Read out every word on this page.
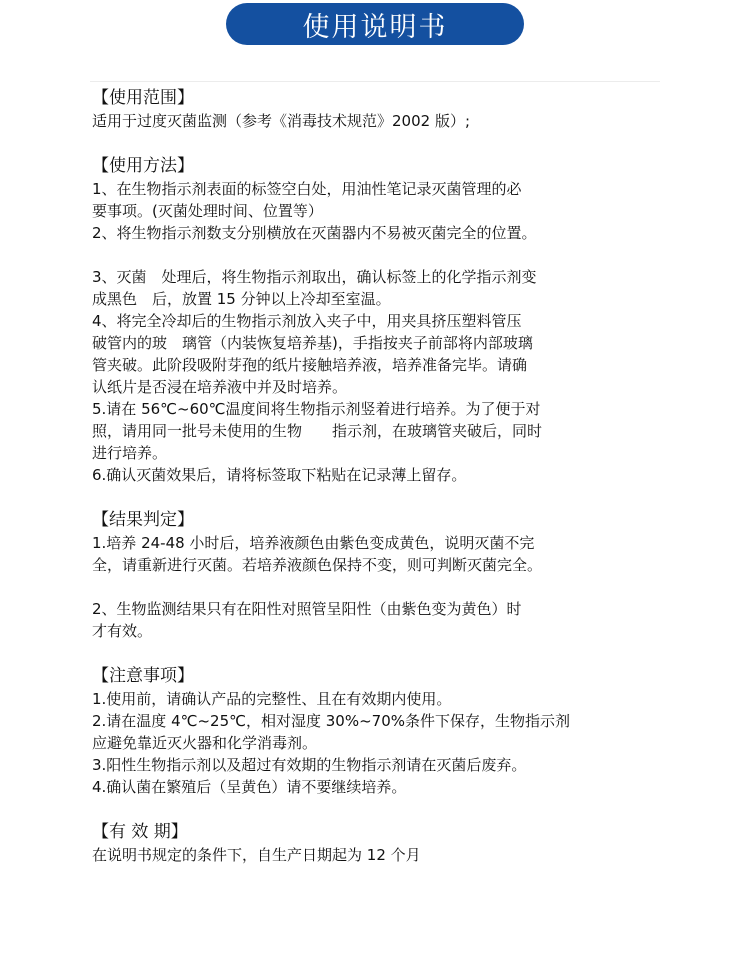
使用说明书
【使用范围】
适用于过度灭菌监测（参考《消毒技术规范》2002 版）;
【使用方法】
1、在生物指示剂表面的标签空白处，用油性笔记录灭菌管理的必
要事项。(灭菌处理时间、位置等）
2、将生物指示剂数支分别横放在灭菌器内不易被灭菌完全的位置。
3、灭菌　处理后，将生物指示剂取出，确认标签上的化学指示剂变
成黑色　后，放置 15 分钟以上冷却至室温。
4、将完全冷却后的生物指示剂放入夹子中，用夹具挤压塑料管压
破管内的玻　璃管（内装恢复培养基)，手指按夹子前部将内部玻璃
管夹破。此阶段吸附芽孢的纸片接触培养液，培养准备完毕。请确
认纸片是否浸在培养液中并及时培养。
5.请在 56℃~60℃温度间将生物指示剂竖着进行培养。为了便于对
照，请用同一批号未使用的生物　　指示剂，在玻璃管夹破后，同时
进行培养。
6.确认灭菌效果后，请将标签取下粘贴在记录薄上留存。
【结果判定】
1.培养 24-48 小时后，培养液颜色由紫色变成黄色，说明灭菌不完
全，请重新进行灭菌。若培养液颜色保持不变，则可判断灭菌完全。
2、生物监测结果只有在阳性对照管呈阳性（由紫色变为黄色）时
才有效。
【注意事项】
1.使用前，请确认产品的完整性、且在有效期内使用。
2.请在温度 4℃~25℃，相对湿度 30%~70%条件下保存，生物指示剂
应避免靠近灭火器和化学消毒剂。
3.阳性生物指示剂以及超过有效期的生物指示剂请在灭菌后废弃。
4.确认菌在繁殖后（呈黄色）请不要继续培养。
【有 效 期】
在说明书规定的条件下，自生产日期起为 12 个月
